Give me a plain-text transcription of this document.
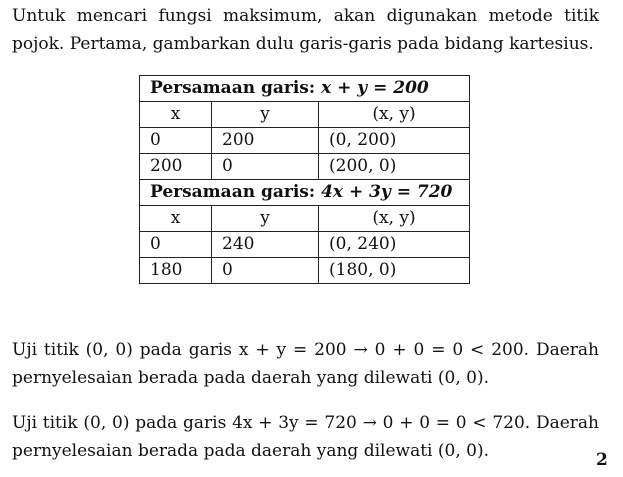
Untuk mencari fungsi maksimum, akan digunakan metode titik pojok. Pertama, gambarkan dulu garis-garis pada bidang kartesius.

Persamaan garis: x + y = 200		
x	y	(x, y)
0	200	(0, 200)
200	0	(200, 0)
Persamaan garis: 4x + 3y = 720		
x	y	(x, y)
0	240	(0, 240)
180	0	(180, 0)

Uji titik (0, 0) pada garis x + y = 200 → 0 + 0 = 0 < 200. Daerah pernyelesaian berada pada daerah yang dilewati (0, 0).

Uji titik (0, 0) pada garis 4x + 3y = 720 → 0 + 0 = 0 < 720. Daerah pernyelesaian berada pada daerah yang dilewati (0, 0).	2
